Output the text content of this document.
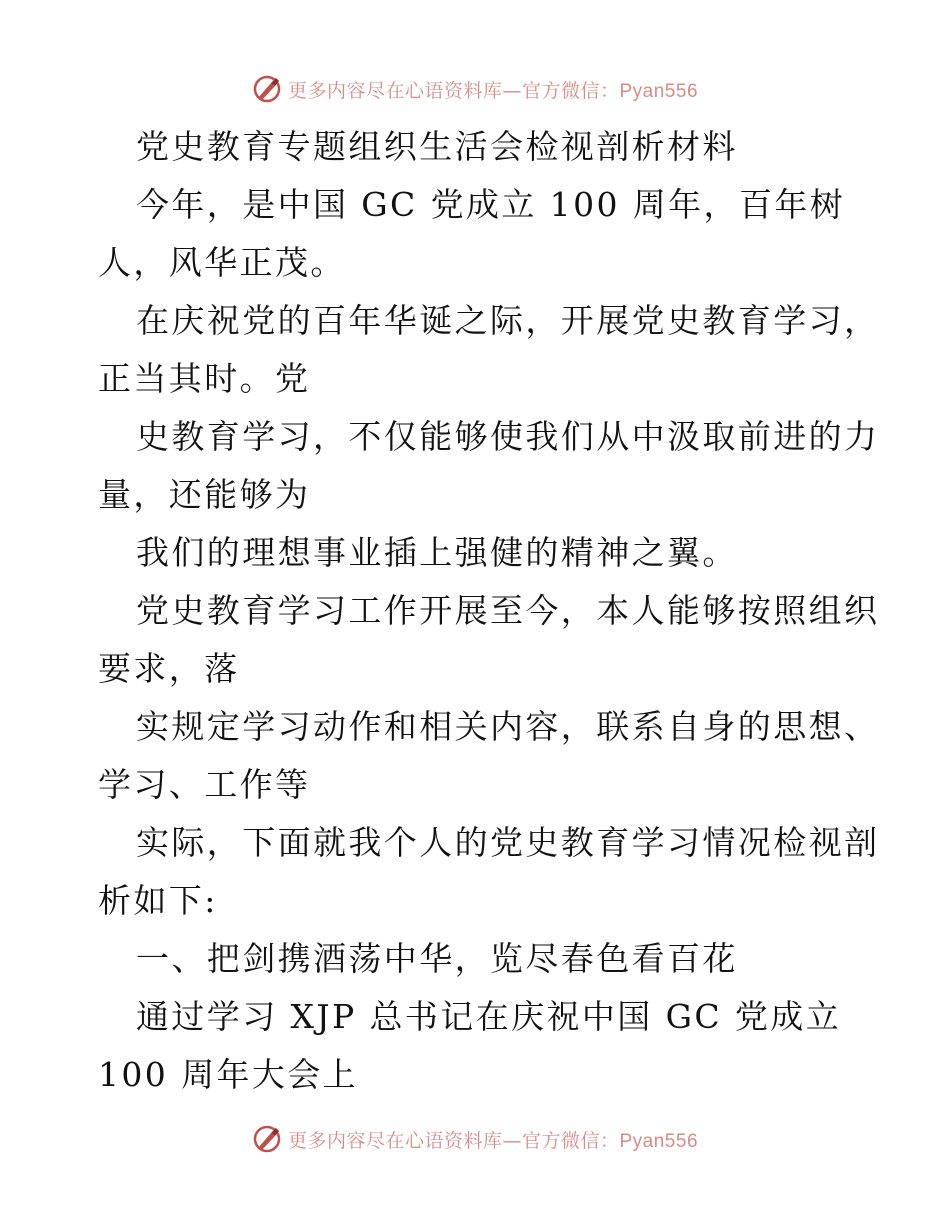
更多内容尽在心语资料库—官方微信：Pyan556
党史教育专题组织生活会检视剖析材料
今年，是中国 GC 党成立 100 周年，百年树
人，风华正茂。
在庆祝党的百年华诞之际，开展党史教育学习，
正当其时。党
史教育学习，不仅能够使我们从中汲取前进的力
量，还能够为
我们的理想事业插上强健的精神之翼。
党史教育学习工作开展至今，本人能够按照组织
要求，落
实规定学习动作和相关内容，联系自身的思想、
学习、工作等
实际，下面就我个人的党史教育学习情况检视剖
析如下:
一、把剑携酒荡中华，览尽春色看百花
通过学习 XJP 总书记在庆祝中国 GC 党成立
100 周年大会上
更多内容尽在心语资料库—官方微信：Pyan556
